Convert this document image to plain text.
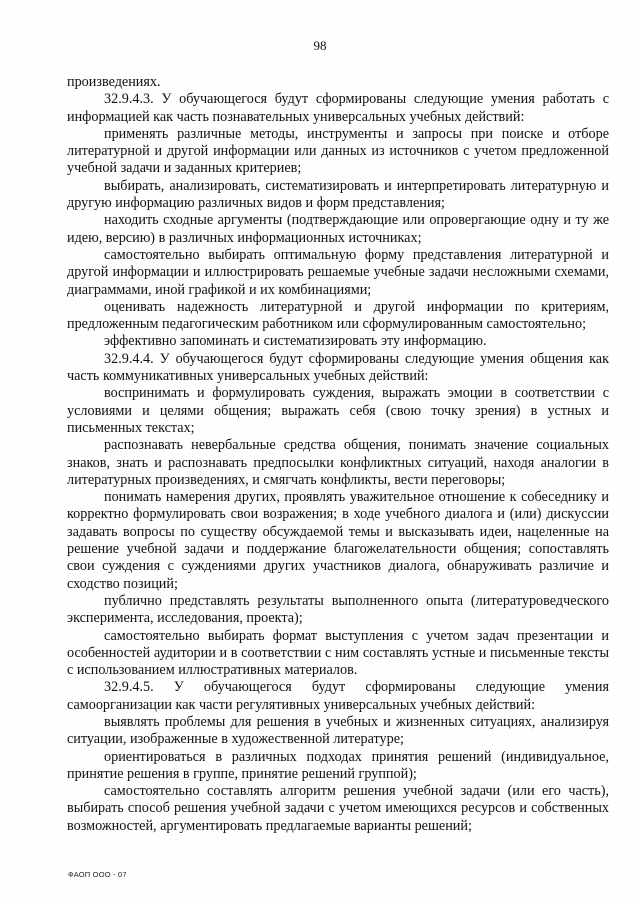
98

произведениях.

32.9.4.3. У обучающегося будут сформированы следующие умения работать с информацией как часть познавательных универсальных учебных действий:

применять различные методы, инструменты и запросы при поиске и отборе литературной и другой информации или данных из источников с учетом предложенной учебной задачи и заданных критериев;

выбирать, анализировать, систематизировать и интерпретировать литературную и другую информацию различных видов и форм представления;

находить сходные аргументы (подтверждающие или опровергающие одну и ту же идею, версию) в различных информационных источниках;

самостоятельно выбирать оптимальную форму представления литературной и другой информации и иллюстрировать решаемые учебные задачи несложными схемами, диаграммами, иной графикой и их комбинациями;

оценивать надежность литературной и другой информации по критериям, предложенным педагогическим работником или сформулированным самостоятельно;

эффективно запоминать и систематизировать эту информацию.

32.9.4.4. У обучающегося будут сформированы следующие умения общения как часть коммуникативных универсальных учебных действий:

воспринимать и формулировать суждения, выражать эмоции в соответствии с условиями и целями общения; выражать себя (свою точку зрения) в устных и письменных текстах;

распознавать невербальные средства общения, понимать значение социальных знаков, знать и распознавать предпосылки конфликтных ситуаций, находя аналогии в литературных произведениях, и смягчать конфликты, вести переговоры;

понимать намерения других, проявлять уважительное отношение к собеседнику и корректно формулировать свои возражения; в ходе учебного диалога и (или) дискуссии задавать вопросы по существу обсуждаемой темы и высказывать идеи, нацеленные на решение учебной задачи и поддержание благожелательности общения; сопоставлять свои суждения с суждениями других участников диалога, обнаруживать различие и сходство позиций;

публично представлять результаты выполненного опыта (литературоведческого эксперимента, исследования, проекта);

самостоятельно выбирать формат выступления с учетом задач презентации и особенностей аудитории и в соответствии с ним составлять устные и письменные тексты с использованием иллюстративных материалов.

32.9.4.5. У обучающегося будут сформированы следующие умения самоорганизации как части регулятивных универсальных учебных действий:

выявлять проблемы для решения в учебных и жизненных ситуациях, анализируя ситуации, изображенные в художественной литературе;

ориентироваться в различных подходах принятия решений (индивидуальное, принятие решения в группе, принятие решений группой);

самостоятельно составлять алгоритм решения учебной задачи (или его часть), выбирать способ решения учебной задачи с учетом имеющихся ресурсов и собственных возможностей, аргументировать предлагаемые варианты решений;

ФАОП ООО - 07
